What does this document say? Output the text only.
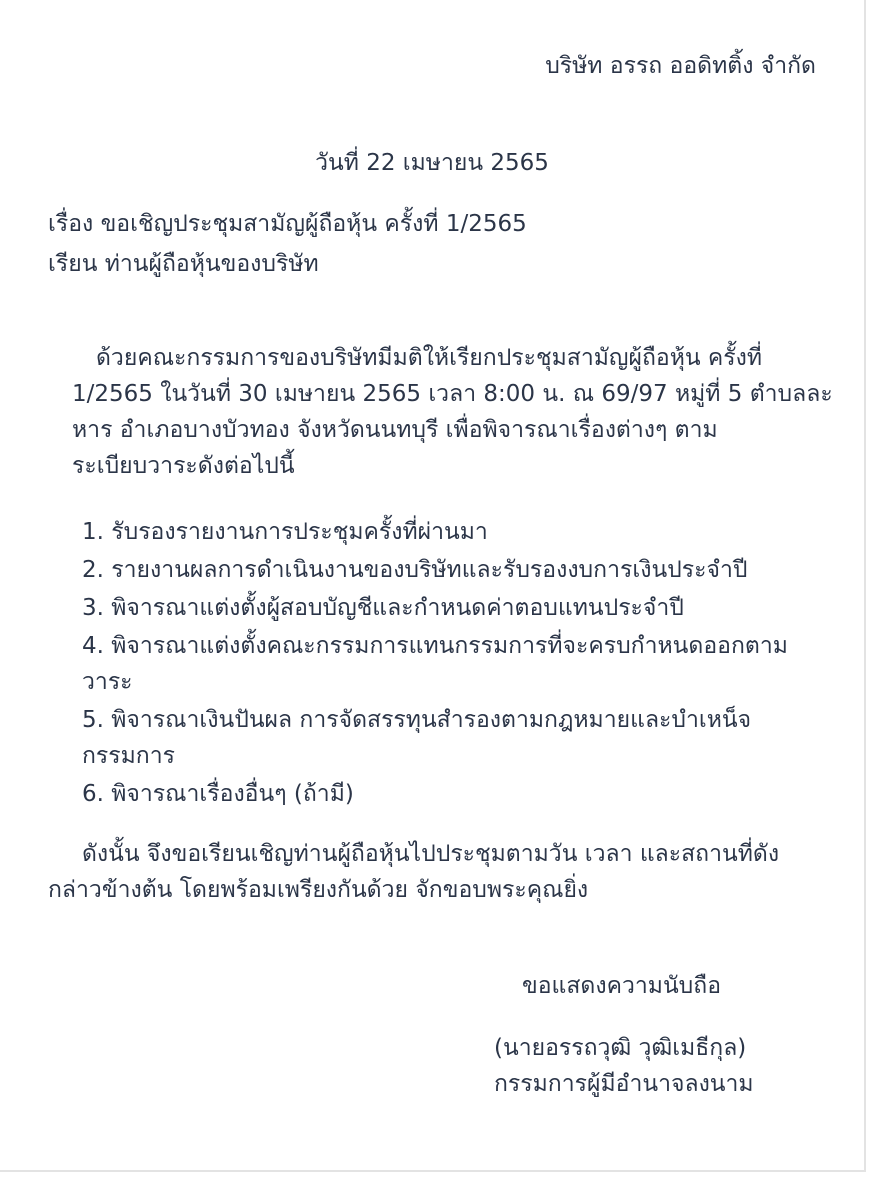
บริษัท อรรถ ออดิทติ้ง จำกัด
วันที่ 22 เมษายน 2565
เรื่อง ขอเชิญประชุมสามัญผู้ถือหุ้น ครั้งที่ 1/2565
เรียน ท่านผู้ถือหุ้นของบริษัท
ด้วยคณะกรรมการของบริษัทมีมติให้เรียกประชุมสามัญผู้ถือหุ้น ครั้งที่
1/2565 ในวันที่ 30 เมษายน 2565 เวลา 8:00 น. ณ 69/97 หมู่ที่ 5 ตำบลละ
หาร อำเภอบางบัวทอง จังหวัดนนทบุรี เพื่อพิจารณาเรื่องต่างๆ ตาม
ระเบียบวาระดังต่อไปนี้
1. รับรองรายงานการประชุมครั้งที่ผ่านมา
2. รายงานผลการดำเนินงานของบริษัทและรับรองงบการเงินประจำปี
3. พิจารณาแต่งตั้งผู้สอบบัญชีและกำหนดค่าตอบแทนประจำปี
4. พิจารณาแต่งตั้งคณะกรรมการแทนกรรมการที่จะครบกำหนดออกตาม
วาระ
5. พิจารณาเงินปันผล การจัดสรรทุนสำรองตามกฎหมายและบำเหน็จ
กรรมการ
6. พิจารณาเรื่องอื่นๆ (ถ้ามี)
ดังนั้น จึงขอเรียนเชิญท่านผู้ถือหุ้นไปประชุมตามวัน เวลา และสถานที่ดัง
กล่าวข้างต้น โดยพร้อมเพรียงกันด้วย จักขอบพระคุณยิ่ง
ขอแสดงความนับถือ
(นายอรรถวุฒิ วุฒิเมธีกุล)
กรรมการผู้มีอำนาจลงนาม
